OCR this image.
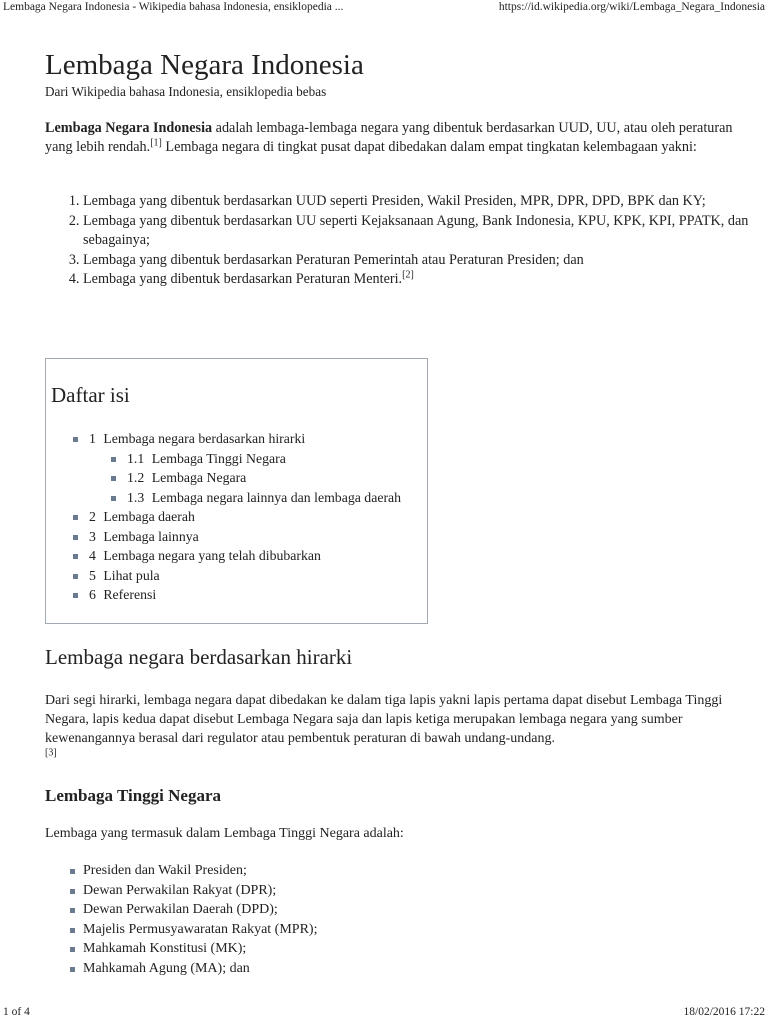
Lembaga Negara Indonesia - Wikipedia bahasa Indonesia, ensiklopedia ...	https://id.wikipedia.org/wiki/Lembaga_Negara_Indonesia
Lembaga Negara Indonesia
Dari Wikipedia bahasa Indonesia, ensiklopedia bebas

Lembaga Negara Indonesia adalah lembaga-lembaga negara yang dibentuk berdasarkan UUD, UU, atau oleh peraturan yang lebih rendah.[1] Lembaga negara di tingkat pusat dapat dibedakan dalam empat tingkatan kelembagaan yakni:

1. Lembaga yang dibentuk berdasarkan UUD seperti Presiden, Wakil Presiden, MPR, DPR, DPD, BPK dan KY;
2. Lembaga yang dibentuk berdasarkan UU seperti Kejaksanaan Agung, Bank Indonesia, KPU, KPK, KPI, PPATK, dan sebagainya;
3. Lembaga yang dibentuk berdasarkan Peraturan Pemerintah atau Peraturan Presiden; dan
4. Lembaga yang dibentuk berdasarkan Peraturan Menteri.[2]
Daftar isi
1 Lembaga negara berdasarkan hirarki
1.1 Lembaga Tinggi Negara
1.2 Lembaga Negara
1.3 Lembaga negara lainnya dan lembaga daerah
2 Lembaga daerah
3 Lembaga lainnya
4 Lembaga negara yang telah dibubarkan
5 Lihat pula
6 Referensi
Lembaga negara berdasarkan hirarki

Dari segi hirarki, lembaga negara dapat dibedakan ke dalam tiga lapis yakni lapis pertama dapat disebut Lembaga Tinggi Negara, lapis kedua dapat disebut Lembaga Negara saja dan lapis ketiga merupakan lembaga negara yang sumber kewenangannya berasal dari regulator atau pembentuk peraturan di bawah undang-undang.
[3]

Lembaga Tinggi Negara
Lembaga yang termasuk dalam Lembaga Tinggi Negara adalah:
Presiden dan Wakil Presiden;
Dewan Perwakilan Rakyat (DPR);
Dewan Perwakilan Daerah (DPD);
Majelis Permusyawaratan Rakyat (MPR);
Mahkamah Konstitusi (MK);
Mahkamah Agung (MA); dan
1 of 4	18/02/2016 17:22
